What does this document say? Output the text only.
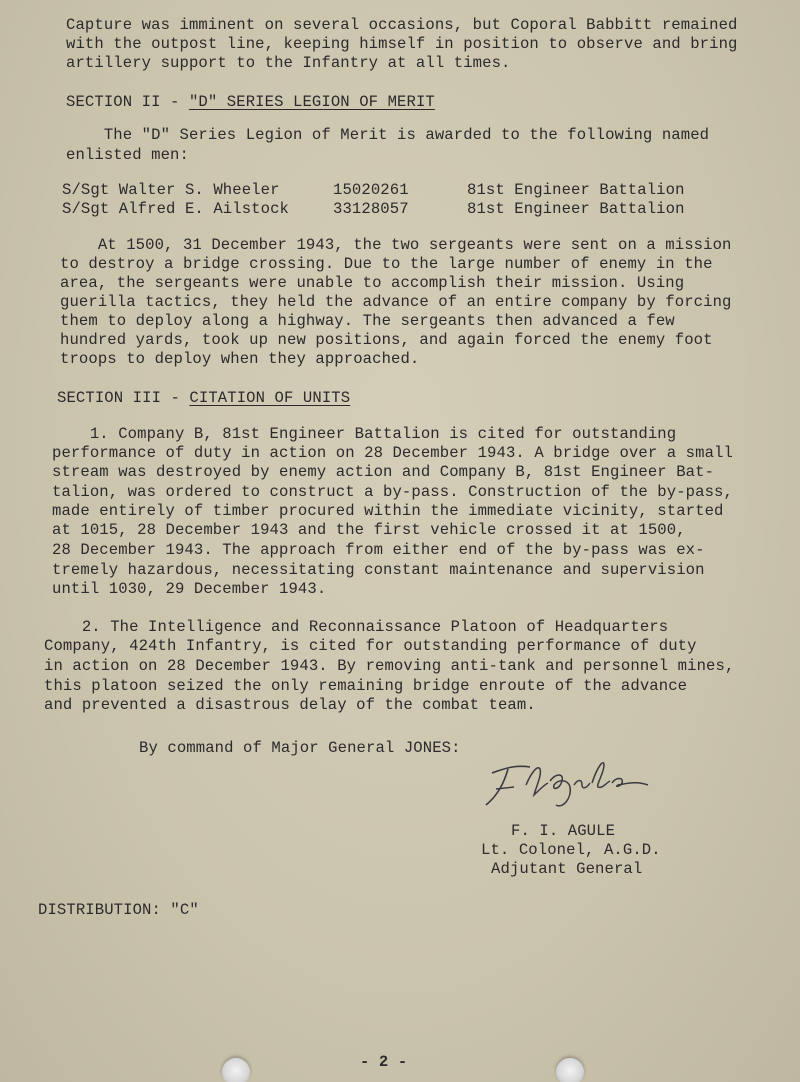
Capture was imminent on several occasions, but Coporal Babbitt remained
with the outpost line, keeping himself in position to observe and bring
artillery support to the Infantry at all times.
SECTION II - "D" SERIES LEGION OF MERIT
The "D" Series Legion of Merit is awarded to the following named
enlisted men:
S/Sgt Walter S. Wheeler	15020261	81st Engineer Battalion
S/Sgt Alfred E. Ailstock	33128057	81st Engineer Battalion
At 1500, 31 December 1943, the two sergeants were sent on a mission
to destroy a bridge crossing. Due to the large number of enemy in the
area, the sergeants were unable to accomplish their mission. Using
guerilla tactics, they held the advance of an entire company by forcing
them to deploy along a highway. The sergeants then advanced a few
hundred yards, took up new positions, and again forced the enemy foot
troops to deploy when they approached.
SECTION III - CITATION OF UNITS
1. Company B, 81st Engineer Battalion is cited for outstanding
performance of duty in action on 28 December 1943. A bridge over a small
stream was destroyed by enemy action and Company B, 81st Engineer Bat-
talion, was ordered to construct a by-pass. Construction of the by-pass,
made entirely of timber procured within the immediate vicinity, started
at 1015, 28 December 1943 and the first vehicle crossed it at 1500,
28 December 1943. The approach from either end of the by-pass was ex-
tremely hazardous, necessitating constant maintenance and supervision
until 1030, 29 December 1943.
2. The Intelligence and Reconnaissance Platoon of Headquarters
Company, 424th Infantry, is cited for outstanding performance of duty
in action on 28 December 1943. By removing anti-tank and personnel mines,
this platoon seized the only remaining bridge enroute of the advance
and prevented a disastrous delay of the combat team.
By command of Major General JONES:
F. I. AGULE
Lt. Colonel, A.G.D.
Adjutant General
DISTRIBUTION: "C"
- 2 -
